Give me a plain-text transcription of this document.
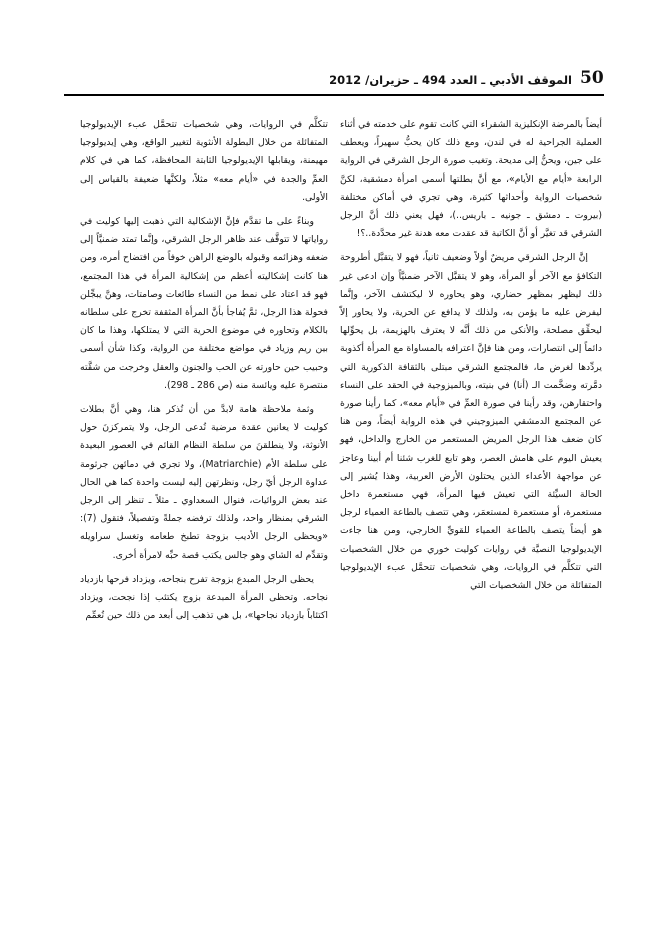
50
الموقف الأدبي ـ العدد 494 ـ حزيران/ 2012

أيضاً بالمرضة الإنكليزية الشقراء التي كانت تقوم على خدمته في أثناء العملية الجراحية له في لندن، ومع ذلك كان يحبُّ سهيراً، ويعطف على جين، ويحنُّ إلى مديحة. وتغيب صورة الرجل الشرقي في الرواية الرابعة «أيام مع الأيام»، مع أنَّ بطلتها أسمى امرأة دمشقية، لكنَّ شخصيات الرواية وأحداثها كثيرة، وهي تجري في أماكن مختلفة (بيروت ـ دمشق ـ جونيه ـ باريس..)، فهل يعني ذلك أنَّ الرجل الشرقي قد تغيَّر أو أنَّ الكاتبة قد عقدت معه هدنة غير محدَّدة..؟!

إنَّ الرجل الشرقي مريضٌ أولاً وضعيف ثانياً، فهو لا يتقبَّل أطروحة التكافؤ مع الآخر أو المرأة، وهو لا يتقبَّل الآخر ضمنيَّاً وإن ادعى غير ذلك ليظهر بمظهر حضاري، وهو يحاوره لا ليكتشف الآخر، وإنَّما ليفرض عليه ما يؤمن به، ولذلك لا يدافع عن الحرية، ولا يحاور إلاّ ليحقِّق مصلحة، والأنكى من ذلك أنَّه لا يعترف بالهزيمة، بل يحوِّلها دائماً إلى انتصارات، ومن هنا فإنَّ اعترافه بالمساواة مع المرأة أكذوبة يردِّدها لغرض ما، فالمجتمع الشرقي مبتلى بالثقافة الذكورية التي دمَّرته وضخَّمت الـ (أنا) في بنيته، وبالميزوجية في الحقد على النساء واحتقارهن، وقد رأينا في صورة العمِّ في «أيام معه»، كما رأينا صورة عن المجتمع الدمشقي الميزوجيني في هذه الرواية أيضاً، ومن هنا كان ضعف هذا الرجل المريض المستعمر من الخارج والداخل، فهو يعيش اليوم على هامش العصر، وهو تابع للغرب شئنا أم أبينا وعاجز عن مواجهة الأعداء الذين يحتلون الأرض العربية، وهذا يُشير إلى الحالة السيِّئة التي تعيش فيها المرأة، فهي مستعمرة داخل مستعمرة، أو مستعمرة لمستعمَر، وهي تتصف بالطاعة العمياء لرجل هو أيضاً يتصف بالطاعة العمياء للقويِّ الخارجي، ومن هنا جاءت الإيديولوجيا النصيَّة في روايات كوليت خوري من خلال الشخصيات التي تتكلَّم في الروايات، وهي شخصيات تتحمَّل عبء الإيديولوجيا المتفائلة من خلال الشخصيات التي

تتكلَّم في الروايات، وهي شخصيات تتحمَّل عبء الإيديولوجيا المتفائلة من خلال البطولة الأنثوية لتغيير الواقع، وهي إيديولوجيا مهيمنة، ويقابلها الإيديولوجيا الثابتة المحافظة، كما هي في كلام العمِّ والجدة في «أيام معه» مثلاً، ولكنَّها ضعيفة بالقياس إلى الأولى.

وبناءً على ما تقدَّم فإنَّ الإشكالية التي ذهبت إليها كوليت في رواياتها لا تتوقَّف عند ظاهر الرجل الشرقي، وإنَّما تمتد ضمنيَّاً إلى ضعفه وهزائمه وقبوله بالوضع الراهن خوفاً من افتضاح أمره، ومن هنا كانت إشكاليته أعظم من إشكالية المرأة في هذا المجتمع، فهو قد اعتاد على نمط من النساء طائعات وصامتات، وهنَّ يبجِّلن فحولة هذا الرجل، ثمَّ يُفاجأ بأنَّ المرأة المثقفة تخرج على سلطانه بالكلام وتحاوره في موضوع الحرية التي لا يمتلكها، وهذا ما كان بين ريم وزياد في مواضع مختلفة من الرواية، وكذا شأن أسمى وحبيب حين حاورته عن الحب والجنون والعقل وخرجت من شقَّته منتصرة عليه ويائسة منه (ص 286 ـ 298).

وثمة ملاحظة هامة لابدَّ من أن تُذكر هنا، وهي أنَّ بطلات كوليت لا يعانين عقدة مرضية تُدعى الرجل، ولا يتمركزنَ حول الأنوثة، ولا ينطلقنَ من سلطة النظام القائم في العصور البعيدة على سلطة الأم (Matriarchie)، ولا تجري في دمائهن جرثومة عداوة الرجل أيّ رجل، ونظرتهن إليه ليست واحدة كما هي الحال عند بعض الروائيات، فنوال السعداوي ـ مثلاً ـ تنظر إلى الرجل الشرقي بمنظار واحد، ولذلك ترفضه جملةً وتفصيلاً، فتقول (7): «ويحظى الرجل الأديب بزوجة تطبخ طعامه وتغسل سراويله وتقدِّم له الشاي وهو جالس يكتب قصة حبِّه لامرأة أخرى.

يحظى الرجل المبدع بزوجة تفرح بنجاحه، ويزداد فرحها بازدياد نجاحه. وتحظى المرأة المبدعة بزوج يكتئب إذا نجحت، ويزداد اكتئاباً بازدياد نجاحها»، بل هي تذهب إلى أبعد من ذلك حين تُعمِّم
